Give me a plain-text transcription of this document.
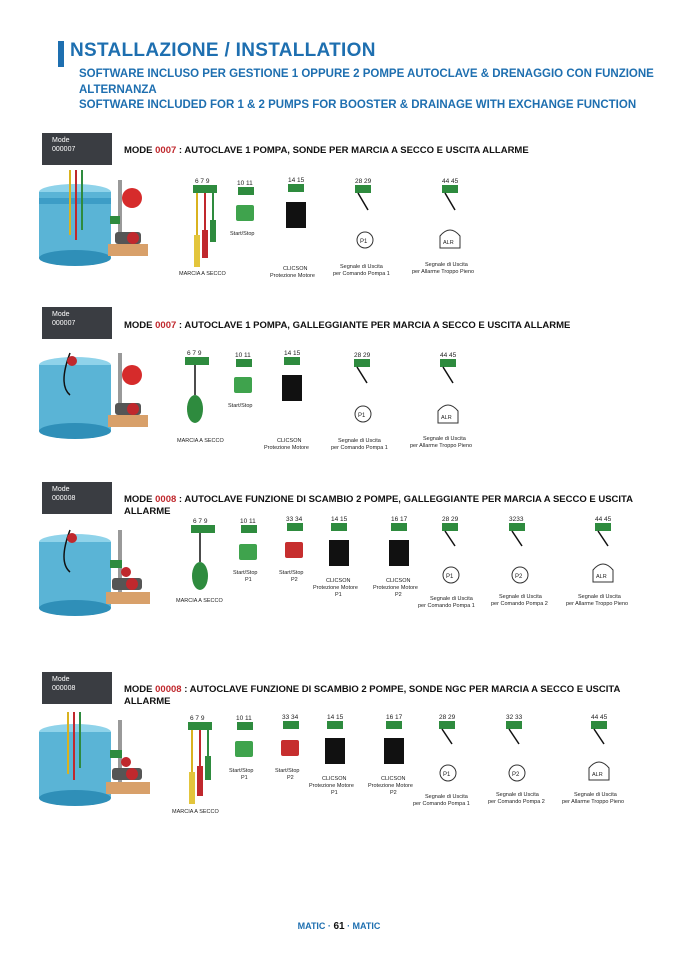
NSTALLAZIONE / INSTALLATION
SOFTWARE INCLUSO PER GESTIONE 1 OPPURE 2 POMPE AUTOCLAVE & DRENAGGIO CON FUNZIONE ALTERNANZA
SOFTWARE INCLUDED FOR 1 & 2 PUMPS FOR BOOSTER & DRAINAGE WITH EXCHANGE FUNCTION
Mode
000007	MODE 0007 : AUTOCLAVE 1 POMPA, SONDE PER MARCIA A SECCO E USCITA ALLARME
6 7 9
MARCIA A SECCO
10 11
Start/Stop
14 15
CLICSON
Protezione Motore
28 29
P1
Segnale di Uscita
per Comando Pompa 1
44 45
ALR
Segnale di Uscita
per Allarme Troppo Pieno
Mode
000007	MODE 0007 : AUTOCLAVE 1 POMPA, GALLEGGIANTE PER MARCIA A SECCO E USCITA ALLARME
6 7 9
MARCIA A SECCO
10 11
Start/Stop
14 15
CLICSON
Protezione Motore
28 29
P1
Segnale di Uscita
per Comando Pompa 1
44 45
ALR
Segnale di Uscita
per Allarme Troppo Pieno
Mode
000008	MODE 0008 : AUTOCLAVE FUNZIONE DI SCAMBIO 2 POMPE, GALLEGGIANTE PER MARCIA A SECCO E USCITA ALLARME
6 7 9
MARCIA A SECCO
10 11
Start/Stop
P1
33 34
Start/Stop
P2
14 15
CLICSON
Protezione Motore
P1
16 17
CLICSON
Protezione Motore
P2
28 29
P1
Segnale di Uscita
per Comando Pompa 1
3233
P2
Segnale di Uscita
per Comando Pompa 2
44 45
ALR
Segnale di Uscita
per Allarme Troppo Pieno
Mode
000008	MODE 00008 : AUTOCLAVE FUNZIONE DI SCAMBIO 2 POMPE, SONDE NGC PER MARCIA A SECCO E USCITA ALLARME
6 7 9
MARCIA A SECCO
10 11
Start/Stop
P1
33 34
Start/Stop
P2
14 15
CLICSON
Protezione Motore
P1
16 17
CLICSON
Protezione Motore
P2
28 29
P1
Segnale di Uscita
per Comando Pompa 1
32 33
P2
Segnale di Uscita
per Comando Pompa 2
44 45
ALR
Segnale di Uscita
per Allarme Troppo Pieno
MATIC · 61 · MATIC
